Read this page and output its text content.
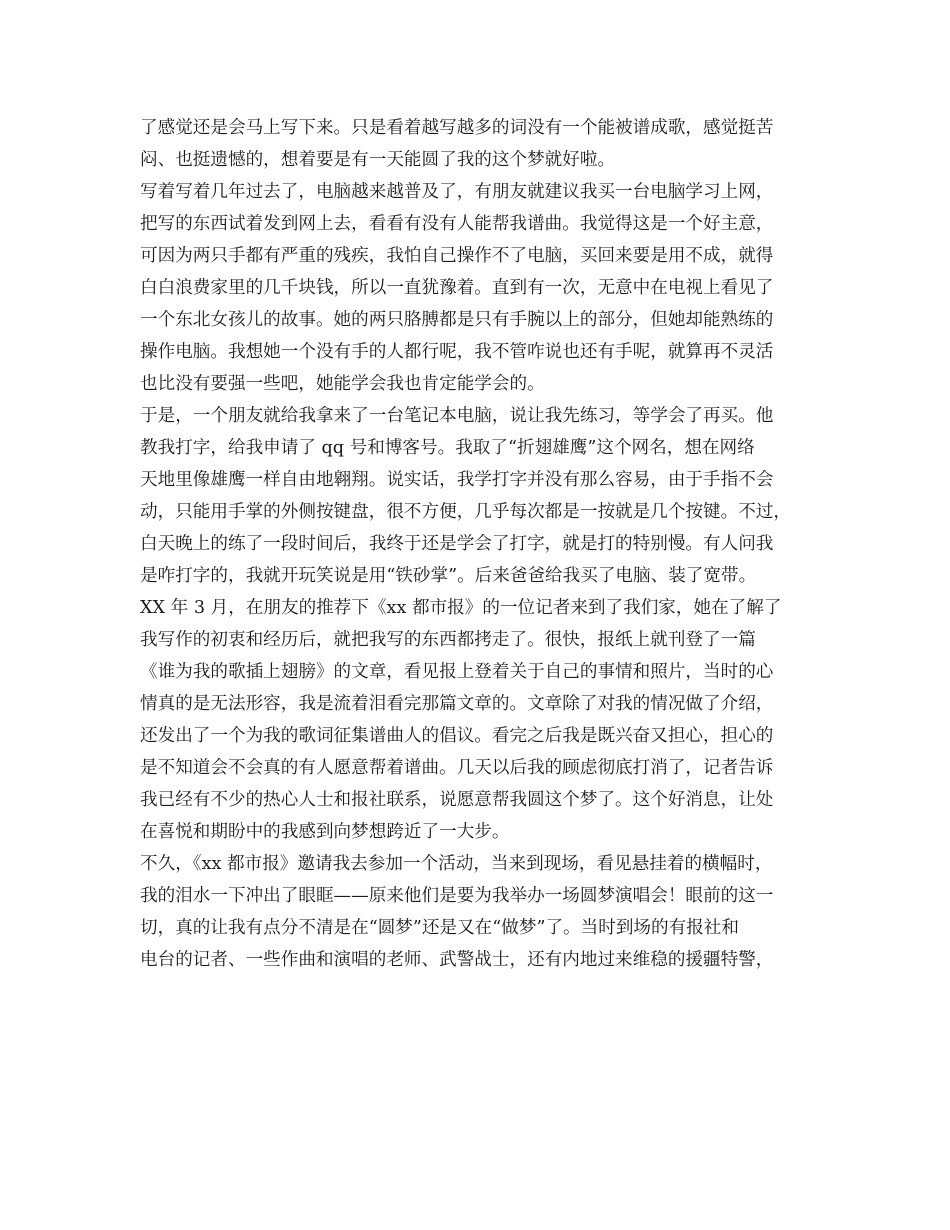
了感觉还是会马上写下来。只是看着越写越多的词没有一个能被谱成歌，感觉挺苦
闷、也挺遗憾的，想着要是有一天能圆了我的这个梦就好啦。
写着写着几年过去了，电脑越来越普及了，有朋友就建议我买一台电脑学习上网，
把写的东西试着发到网上去，看看有没有人能帮我谱曲。我觉得这是一个好主意，
可因为两只手都有严重的残疾，我怕自己操作不了电脑，买回来要是用不成，就得
白白浪费家里的几千块钱，所以一直犹豫着。直到有一次，无意中在电视上看见了
一个东北女孩儿的故事。她的两只胳膊都是只有手腕以上的部分，但她却能熟练的
操作电脑。我想她一个没有手的人都行呢，我不管咋说也还有手呢，就算再不灵活
也比没有要强一些吧，她能学会我也肯定能学会的。
于是，一个朋友就给我拿来了一台笔记本电脑，说让我先练习，等学会了再买。他
教我打字，给我申请了 qq 号和博客号。我取了“折翅雄鹰”这个网名，想在网络
天地里像雄鹰一样自由地翱翔。说实话，我学打字并没有那么容易，由于手指不会
动，只能用手掌的外侧按键盘，很不方便，几乎每次都是一按就是几个按键。不过，
白天晚上的练了一段时间后，我终于还是学会了打字，就是打的特别慢。有人问我
是咋打字的，我就开玩笑说是用“铁砂掌”。后来爸爸给我买了电脑、装了宽带。
XX 年 3 月，在朋友的推荐下《xx 都市报》的一位记者来到了我们家，她在了解了
我写作的初衷和经历后，就把我写的东西都拷走了。很快，报纸上就刊登了一篇
《谁为我的歌插上翅膀》的文章，看见报上登着关于自己的事情和照片，当时的心
情真的是无法形容，我是流着泪看完那篇文章的。文章除了对我的情况做了介绍，
还发出了一个为我的歌词征集谱曲人的倡议。看完之后我是既兴奋又担心，担心的
是不知道会不会真的有人愿意帮着谱曲。几天以后我的顾虑彻底打消了，记者告诉
我已经有不少的热心人士和报社联系，说愿意帮我圆这个梦了。这个好消息，让处
在喜悦和期盼中的我感到向梦想跨近了一大步。
不久，《xx 都市报》邀请我去参加一个活动，当来到现场，看见悬挂着的横幅时，
我的泪水一下冲出了眼眶——原来他们是要为我举办一场圆梦演唱会！眼前的这一
切，真的让我有点分不清是在“圆梦”还是又在“做梦”了。当时到场的有报社和
电台的记者、一些作曲和演唱的老师、武警战士，还有内地过来维稳的援疆特警，
